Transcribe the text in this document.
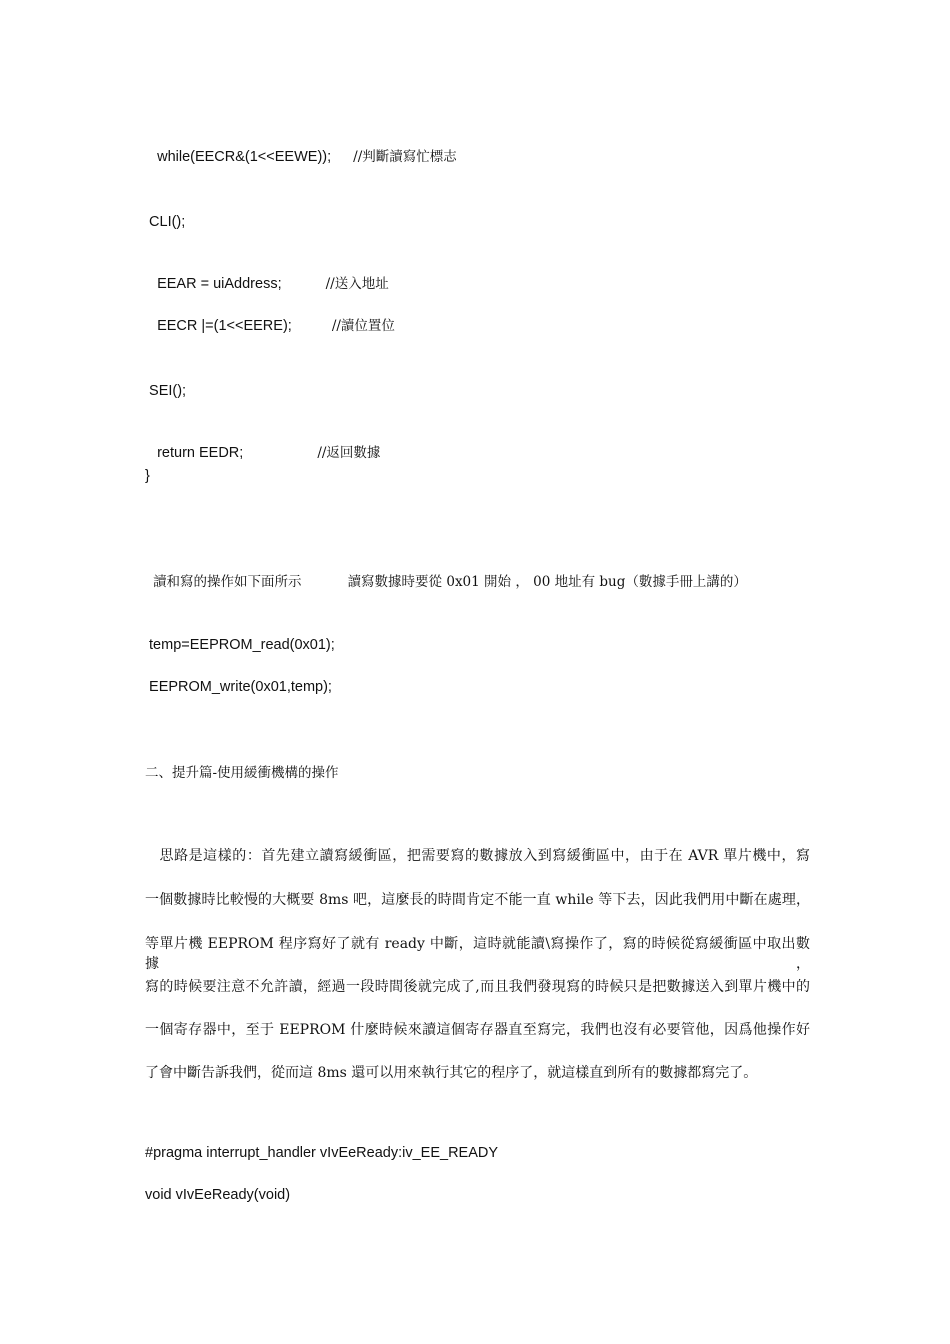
while(EECR&(1<<EEWE)); //判斷讀寫忙標志

CLI();

EEAR = uiAddress;	//送入地址

EECR |=(1<<EERE);	//讀位置位

SEI();

return EEDR;	//返回數據

}

讀和寫的操作如下面所示	讀寫數據時要從 0x01 開始 ， 00 地址有 bug（數據手冊上講的）

temp=EEPROM_read(0x01);
EEPROM_write(0x01,temp);
二、提升篇-使用緩衝機構的操作
　思路是這樣的：首先建立讀寫緩衝區，把需要寫的數據放入到寫緩衝區中，由于在 AVR 單片機中，寫
一個數據時比較慢的大概要 8ms 吧，這麼長的時間肯定不能一直 while 等下去，因此我們用中斷在處理，
等單片機 EEPROM 程序寫好了就有 ready 中斷，這時就能讀\寫操作了，寫的時候從寫緩衝區中取出數據，
寫的時候要注意不允許讀，經過一段時間後就完成了,而且我們發現寫的時候只是把數據送入到單片機中的
一個寄存器中，至于 EEPROM 什麼時候來讀這個寄存器直至寫完，我們也沒有必要管他，因爲他操作好
了會中斷告訴我們，從而這 8ms 還可以用來執行其它的程序了，就這樣直到所有的數據都寫完了。
#pragma interrupt_handler vIvEeReady:iv_EE_READY
void vIvEeReady(void)
